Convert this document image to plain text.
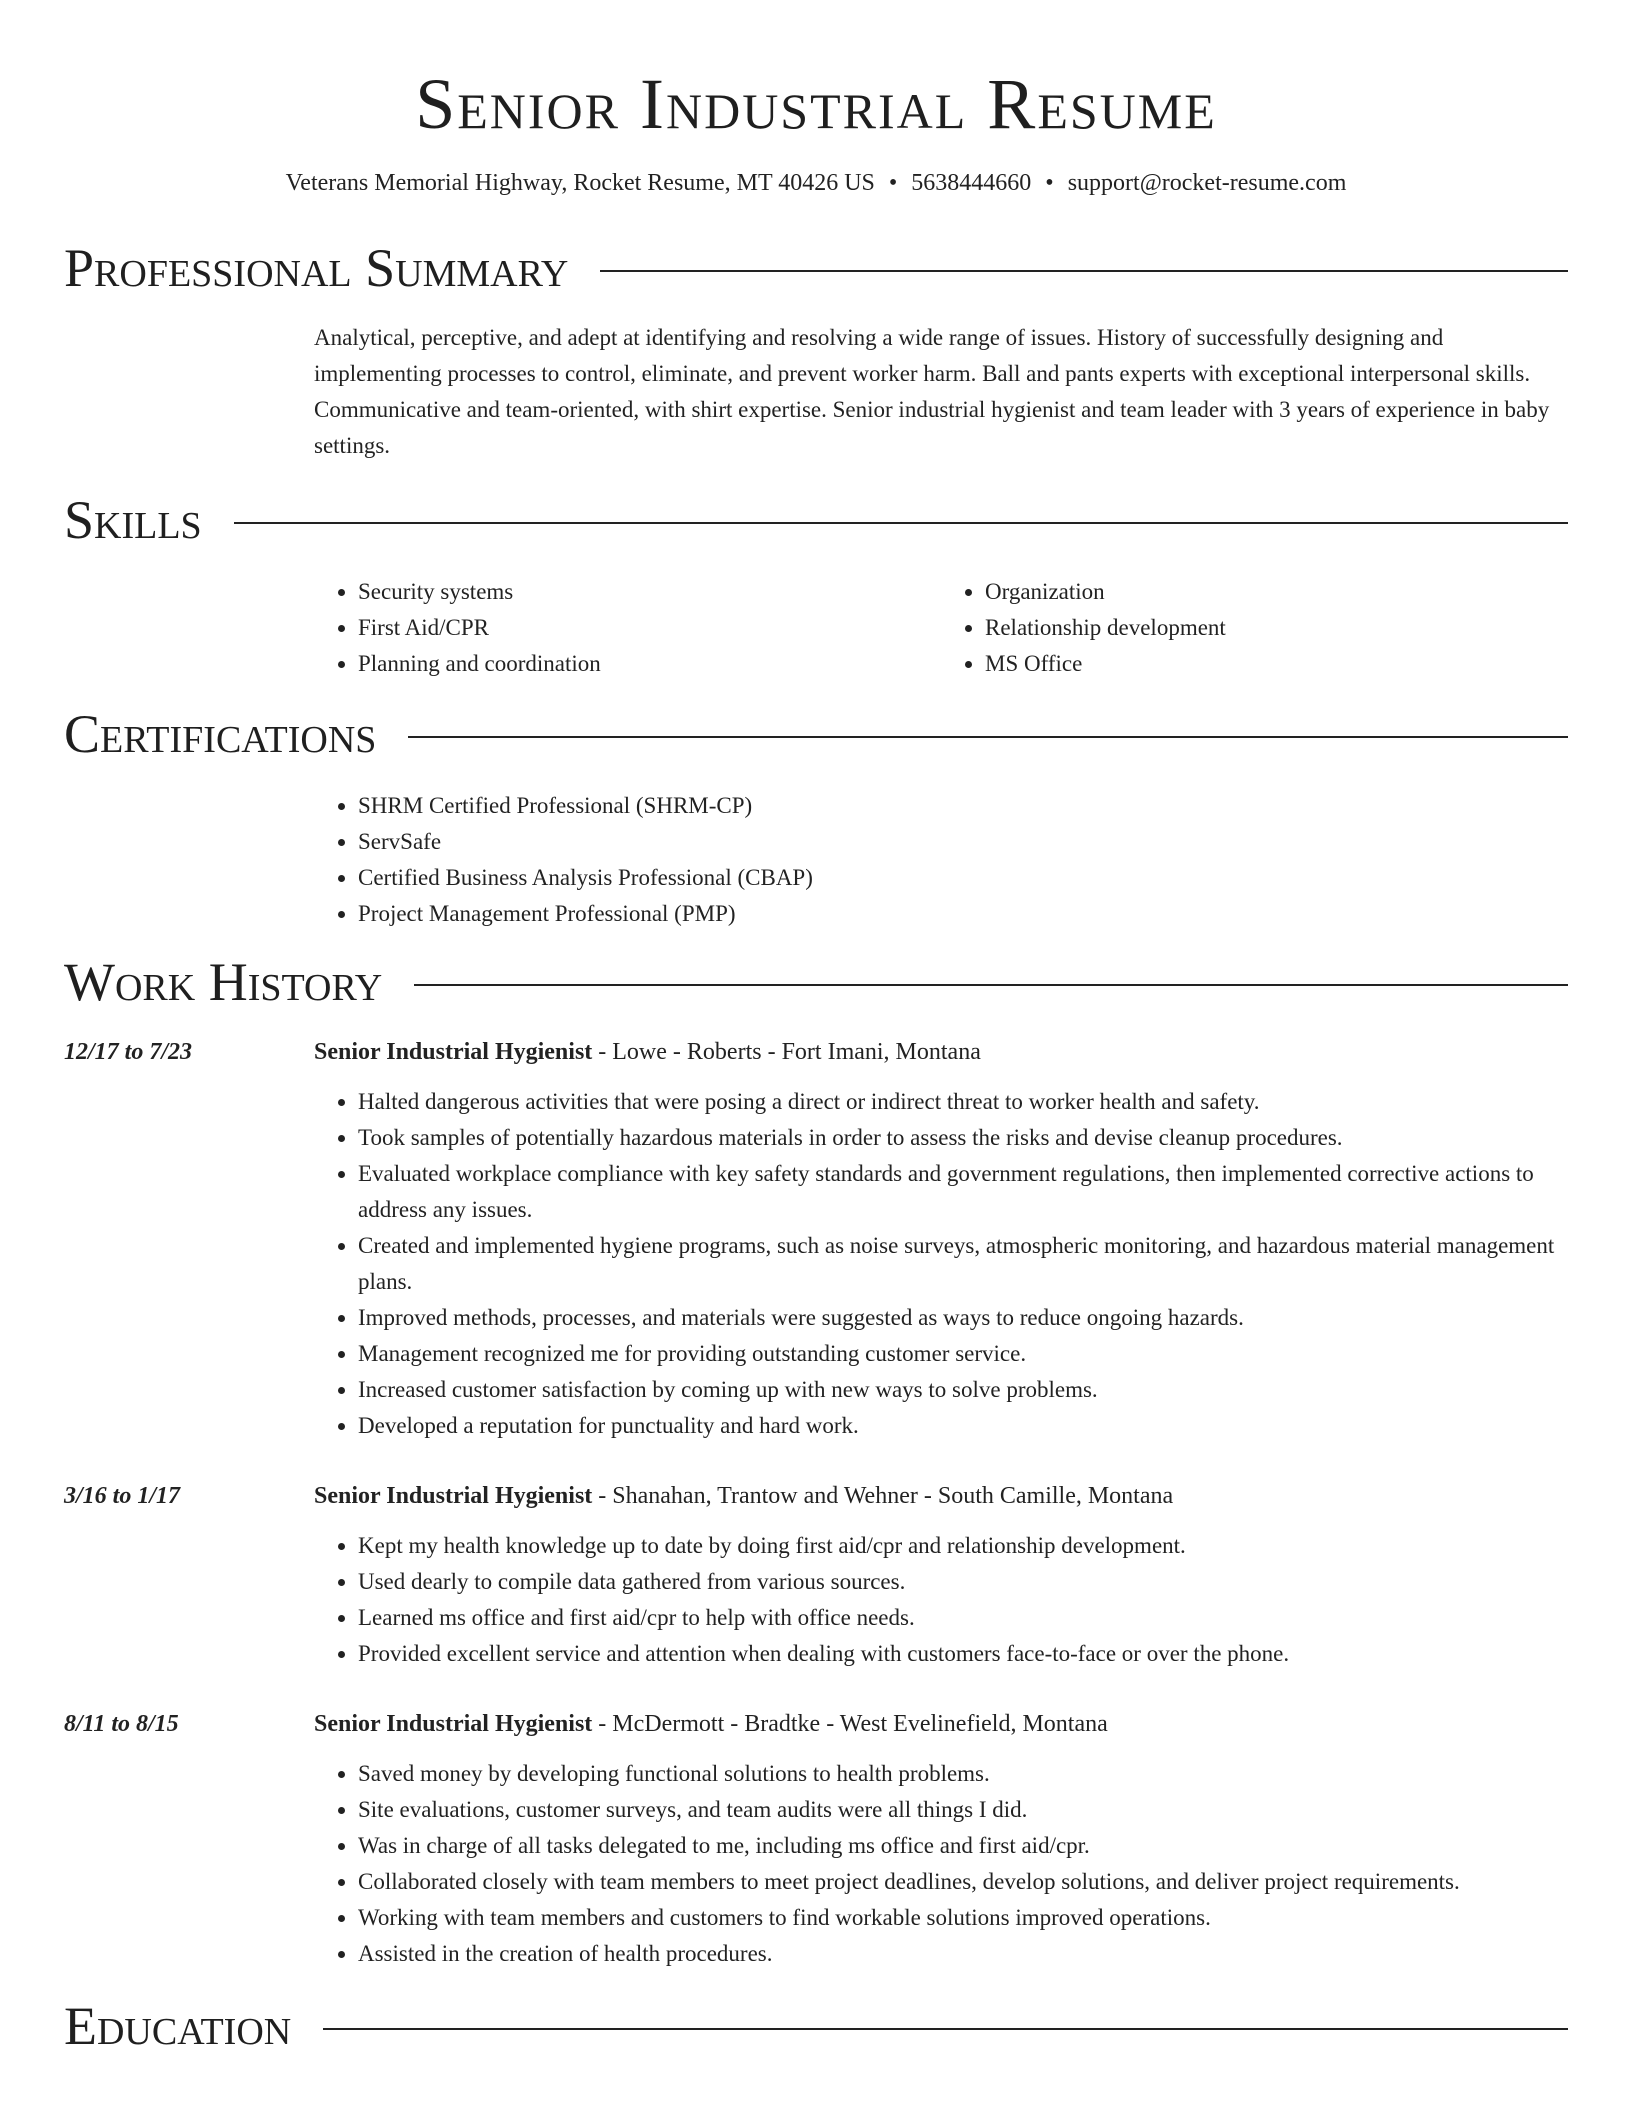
Senior Industrial Resume
Veterans Memorial Highway, Rocket Resume, MT 40426 US • 5638444660 • support@rocket-resume.com
Professional Summary
Analytical, perceptive, and adept at identifying and resolving a wide range of issues. History of successfully designing and implementing processes to control, eliminate, and prevent worker harm. Ball and pants experts with exceptional interpersonal skills. Communicative and team-oriented, with shirt expertise. Senior industrial hygienist and team leader with 3 years of experience in baby settings.
Skills
• Security systems
• First Aid/CPR
• Planning and coordination
• Organization
• Relationship development
• MS Office
Certifications
• SHRM Certified Professional (SHRM-CP)
• ServSafe
• Certified Business Analysis Professional (CBAP)
• Project Management Professional (PMP)
Work History
12/17 to 7/23	Senior Industrial Hygienist - Lowe - Roberts - Fort Imani, Montana
• Halted dangerous activities that were posing a direct or indirect threat to worker health and safety.
• Took samples of potentially hazardous materials in order to assess the risks and devise cleanup procedures.
• Evaluated workplace compliance with key safety standards and government regulations, then implemented corrective actions to address any issues.
• Created and implemented hygiene programs, such as noise surveys, atmospheric monitoring, and hazardous material management plans.
• Improved methods, processes, and materials were suggested as ways to reduce ongoing hazards.
• Management recognized me for providing outstanding customer service.
• Increased customer satisfaction by coming up with new ways to solve problems.
• Developed a reputation for punctuality and hard work.
3/16 to 1/17	Senior Industrial Hygienist - Shanahan, Trantow and Wehner - South Camille, Montana
• Kept my health knowledge up to date by doing first aid/cpr and relationship development.
• Used dearly to compile data gathered from various sources.
• Learned ms office and first aid/cpr to help with office needs.
• Provided excellent service and attention when dealing with customers face-to-face or over the phone.
8/11 to 8/15	Senior Industrial Hygienist - McDermott - Bradtke - West Evelinefield, Montana
• Saved money by developing functional solutions to health problems.
• Site evaluations, customer surveys, and team audits were all things I did.
• Was in charge of all tasks delegated to me, including ms office and first aid/cpr.
• Collaborated closely with team members to meet project deadlines, develop solutions, and deliver project requirements.
• Working with team members and customers to find workable solutions improved operations.
• Assisted in the creation of health procedures.
Education
